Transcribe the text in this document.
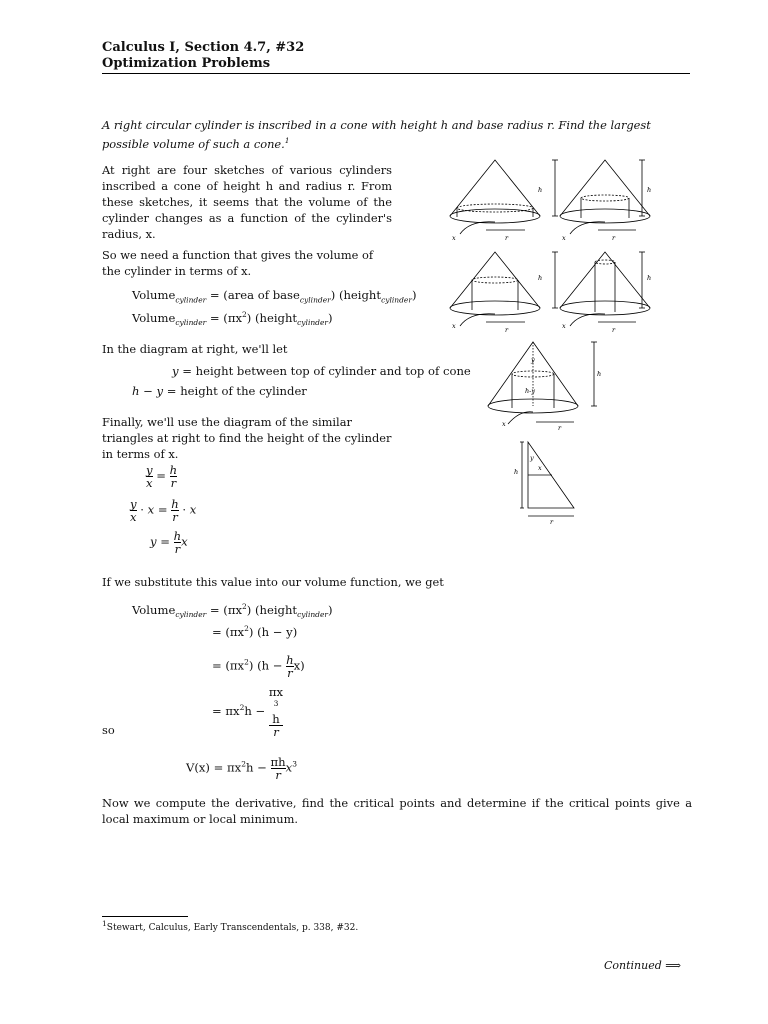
Calculus I, Section 4.7, #32
Optimization Problems
A right circular cylinder is inscribed in a cone with height h and base radius r. Find the largest possible volume of such a cone.$^1$
At right are four sketches of various cylinders inscribed a cone of height h and radius r. From these sketches, it seems that the volume of the cylinder changes as a function of the cylinder's radius, x.
So we need a function that gives the volume of the cylinder in terms of x.
Volume$_{cylinder}$ = (area of base$_{cylinder}$) (height$_{cylinder}$)
Volume$_{cylinder}$ = $(\pi x^2)$ (height$_{cylinder}$)
In the diagram at right, we'll let
y = height between top of cylinder and top of cone
h − y = height of the cylinder
Finally, we'll use the diagram of the similar triangles at right to find the height of the cylinder in terms of x.
$\frac{y}{x} = \frac{h}{r}$
$\frac{y}{x} \cdot x = \frac{h}{r} \cdot x$
$y = \frac{h}{r}$ x
If we substitute this value into our volume function, we get
Volume$_{cylinder}$ = $(\pi x^2)$ (height$_{cylinder}$)
= $(\pi x^2) (h - y)$
= $(\pi x^2) (h - \frac{h}{r} x)$
= $\pi x^2h - \pi x$
$^3$
h
r
so
$V(x) = \pi x^2h - \frac{\pi h}{r} x^3$
Now we compute the derivative, find the critical points and determine if the critical points give a local maximum or local minimum.
$^1$Stewart, Calculus, Early Transcendentals, p. 338, #32.
Continued ⟹
h	h
x	r	x	r
h	h
x	r	x	r
y
h-y
h
x	r
y
x
h
r
